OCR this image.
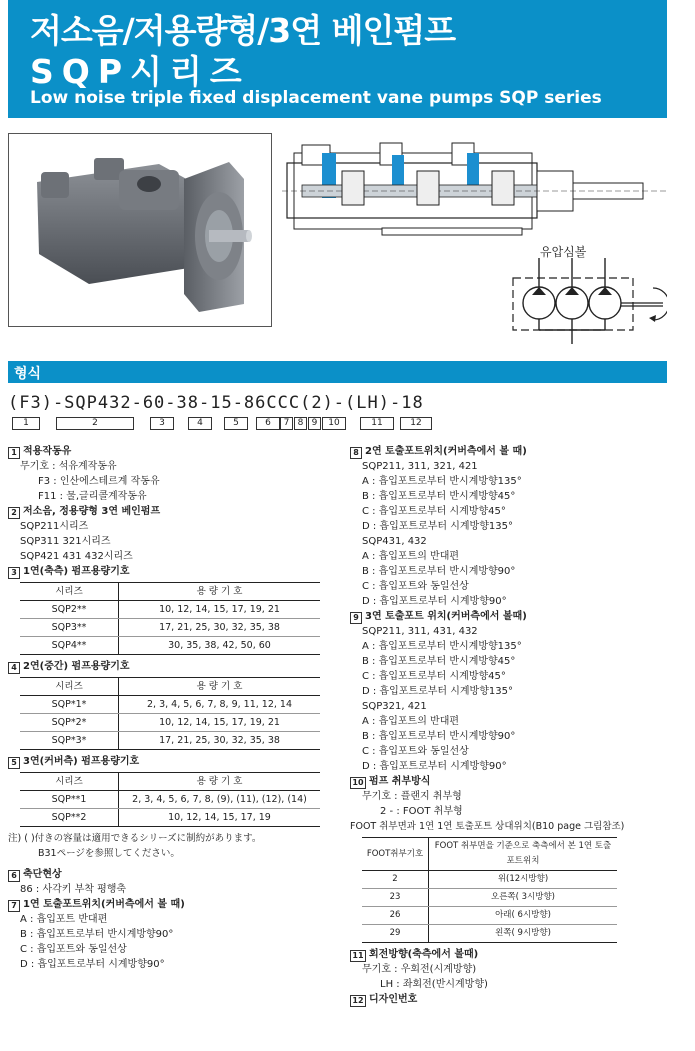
저소음/저용량형/3연 베인펌프
SQP시리즈
Low noise triple fixed displacement vane pumps SQP series
유압심볼
형식
(F3)-SQP432-60-38-15-86CCC(2)-(LH)-18
1	2	3	4	5	6	7 8 9	10	11	12
1 적용작동유
무기호 : 석유계작동유
F3 : 인산에스테르계 작동유
F11 : 물,글리콜계작동유
2 저소음, 정용량형 3연 베인펌프
SQP211시리즈
SQP311 321시리즈
SQP421 431 432시리즈
3 1연(축측) 펌프용량기호
시리즈	용 량 기 호
SQP2**	10, 12, 14, 15, 17, 19, 21
SQP3**	17, 21, 25, 30, 32, 35, 38
SQP4**	30, 35, 38, 42, 50, 60
4 2연(중간) 펌프용량기호
시리즈	용 량 기 호
SQP*1*	2, 3, 4, 5, 6, 7, 8, 9, 11, 12, 14
SQP*2*	10, 12, 14, 15, 17, 19, 21
SQP*3*	17, 21, 25, 30, 32, 35, 38
5 3연(커버측) 펌프용량기호
시리즈	용 량 기 호
SQP**1	2, 3, 4, 5, 6, 7, 8, (9), (11), (12), (14)
SQP**2	10, 12, 14, 15, 17, 19
注) ( )付きの容量は適用できるシリーズに制約があります。
B31ページを参照してください。
6 축단현상
86 : 사각키 부착 평행축
7 1연 토출포트위치(커버측에서 볼 때)
A : 흡입포트 반대편
B : 흡입포트로부터 반시계방향90°
C : 흡입포트와 동일선상
D : 흡입포트로부터 시계방향90°
8 2연 토출포트위치(커버측에서 볼 때)
SQP211, 311, 321, 421
A : 흡입포트로부터 반시계방향135°
B : 흡입포트로부터 반시계방향45°
C : 흡입포트로부터 시계방향45°
D : 흡입포트로부터 시계방향135°
SQP431, 432
A : 흡입포트의 반대편
B : 흡입포트로부터 반시계방향90°
C : 흡입포트와 동일선상
D : 흡입포트로부터 시계방향90°
9 3연 토출포트 위치(커버측에서 볼때)
SQP211, 311, 431, 432
A : 흡입포트로부터 반시계방향135°
B : 흡입포트로부터 반시계방향45°
C : 흡입포트로부터 시계방향45°
D : 흡입포트로부터 시계방향135°
SQP321, 421
A : 흡입포트의 반대편
B : 흡입포트로부터 반시계방향90°
C : 흡입포트와 동일선상
D : 흡입포트로부터 시계방향90°
10 펌프 취부방식
무기호 : 플랜지 취부형
2 - : FOOT 취부형
FOOT 취부면과 1연 1연 토출포트 상대위치(B10 page 그림참조)
FOOT취부기호	FOOT 취부면을 기준으로 축측에서 본 1연 토출포트위치
2	위(12시방향)
23	오른쪽( 3시방향)
26	아래( 6시방향)
29	왼쪽( 9시방향)
11 회전방향(축측에서 볼때)
무기호 : 우회전(시계방향)
LH : 좌회전(반시계방향)
12 디자인번호
